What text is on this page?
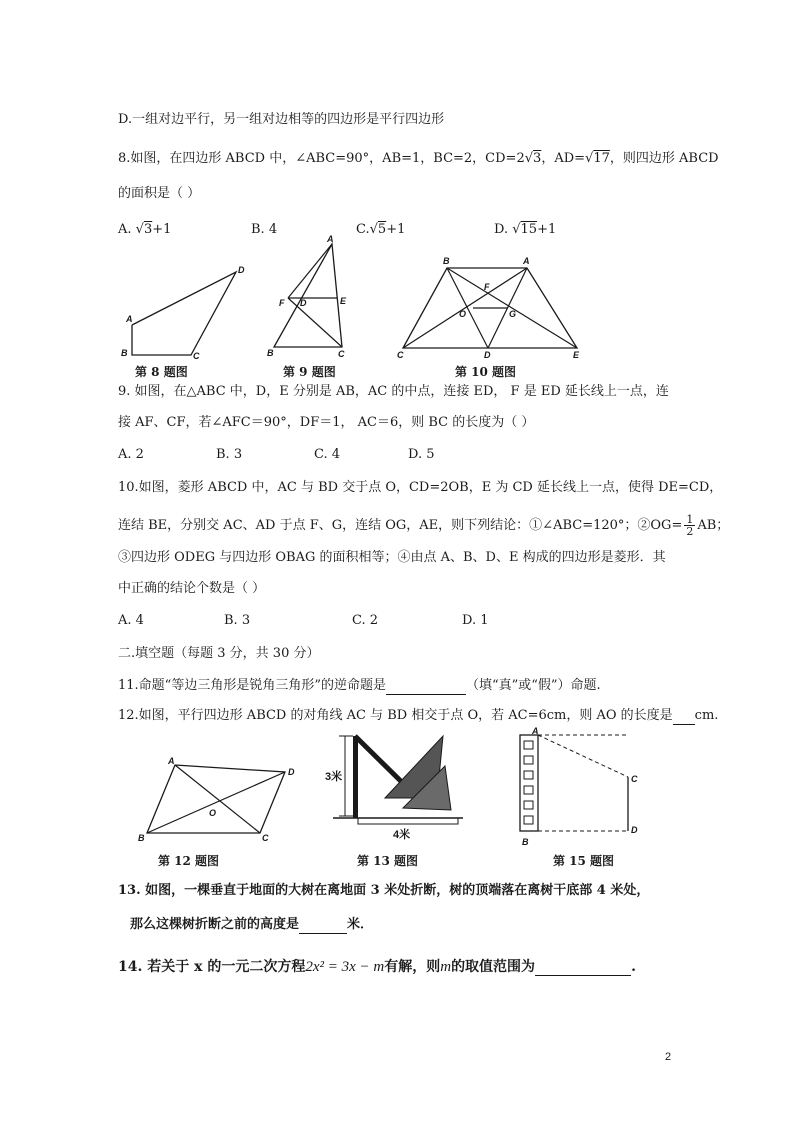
D.一组对边平行，另一组对边相等的四边形是平行四边形
8.如图，在四边形 ABCD 中，∠ABC=90°，AB=1，BC=2，CD=2√3，AD=√17，则四边形 ABCD
的面积是（ ）
A. √3+1	B. 4	C.√5+1	D. √15+1
A
B	C
D
第 8 题图
A
B	C
D	E
F
第 9 题图
B	A
C	D	E
F
G
O
第 10 题图
9. 如图，在△ABC 中，D，E 分别是 AB，AC 的中点，连接 ED， F 是 ED 延长线上一点，连
接 AF、CF，若∠AFC＝90°，DF＝1， AC＝6，则 BC 的长度为（ ）
A. 2	B. 3	C. 4	D. 5
10.如图，菱形 ABCD 中，AC 与 BD 交于点 O，CD=2OB，E 为 CD 延长线上一点，使得 DE=CD，
连结 BE，分别交 AC、AD 于点 F、G，连结 OG，AE，则下列结论：①∠ABC=120°；②OG= $\frac{1}{2}$ AB；
③四边形 ODEG 与四边形 OBAG 的面积相等；④由点 A、B、D、E 构成的四边形是菱形．其
中正确的结论个数是（ ）
A. 4	B. 3	C. 2	D. 1
二.填空题（每题 3 分，共 30 分）
11.命题“等边三角形是锐角三角形”的逆命题是	（填“真”或“假”）命题.
12.如图，平行四边形 ABCD 的对角线 AC 与 BD 相交于点 O，若 AC=6cm，则 AO 的长度是 cm.
A
B	C
D
O
第 12 题图
3米
4米
第 13 题图
A
B
C
D
第 15 题图
13. 如图，一棵垂直于地面的大树在离地面 3 米处折断，树的顶端落在离树干底部 4 米处，
那么这棵树折断之前的高度是	米．
14. 若关于 x 的一元二次方程2x² = 3x − m有解，则m的取值范围为	.
2
